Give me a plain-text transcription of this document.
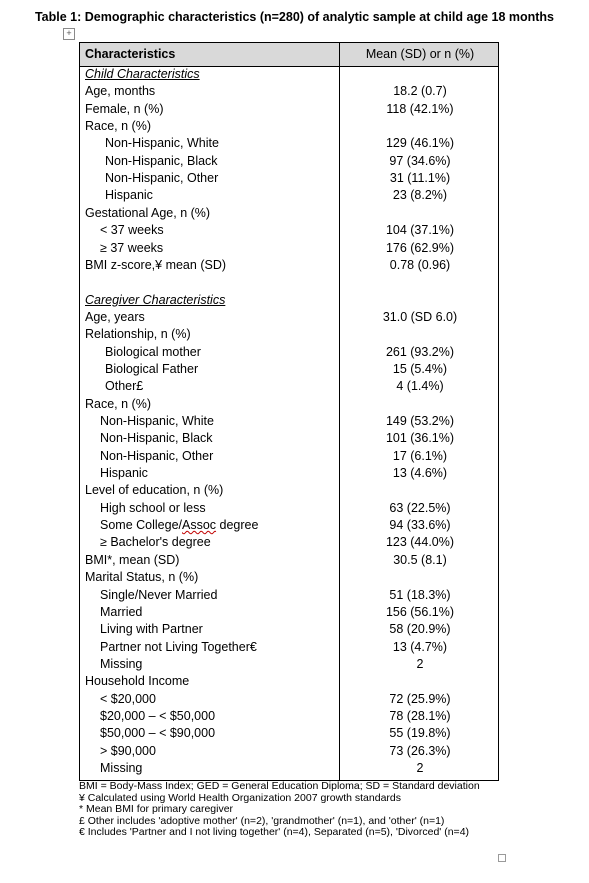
Table 1: Demographic characteristics (n=280) of analytic sample at child age 18 months
+
Characteristics	Mean (SD) or n (%)
Child Characteristics
Age, months	18.2 (0.7)
Female, n (%)	118 (42.1%)
Race, n (%)
Non-Hispanic, White	129 (46.1%)
Non-Hispanic, Black	97 (34.6%)
Non-Hispanic, Other	31 (11.1%)
Hispanic	23 (8.2%)
Gestational Age, n (%)
< 37 weeks	104 (37.1%)
≥ 37 weeks	176 (62.9%)
BMI z-score,¥ mean (SD)	0.78 (0.96)
Caregiver Characteristics
Age, years	31.0 (SD 6.0)
Relationship, n (%)
Biological mother	261 (93.2%)
Biological Father	15 (5.4%)
Other£	4 (1.4%)
Race, n (%)
Non-Hispanic, White	149 (53.2%)
Non-Hispanic, Black	101 (36.1%)
Non-Hispanic, Other	17 (6.1%)
Hispanic	13 (4.6%)
Level of education, n (%)
High school or less	63 (22.5%)
Some College/Assoc degree	94 (33.6%)
≥ Bachelor's degree	123 (44.0%)
BMI*, mean (SD)	30.5 (8.1)
Marital Status, n (%)
Single/Never Married	51 (18.3%)
Married	156 (56.1%)
Living with Partner	58 (20.9%)
Partner not Living Together€	13 (4.7%)
Missing	2
Household Income
< $20,000	72 (25.9%)
$20,000 – < $50,000	78 (28.1%)
$50,000 – < $90,000	55 (19.8%)
> $90,000	73 (26.3%)
Missing	2
BMI = Body-Mass Index; GED = General Education Diploma; SD = Standard deviation
¥ Calculated using World Health Organization 2007 growth standards
* Mean BMI for primary caregiver
£ Other includes 'adoptive mother' (n=2), 'grandmother' (n=1), and 'other' (n=1)
€ Includes 'Partner and I not living together' (n=4), Separated (n=5), 'Divorced' (n=4)
